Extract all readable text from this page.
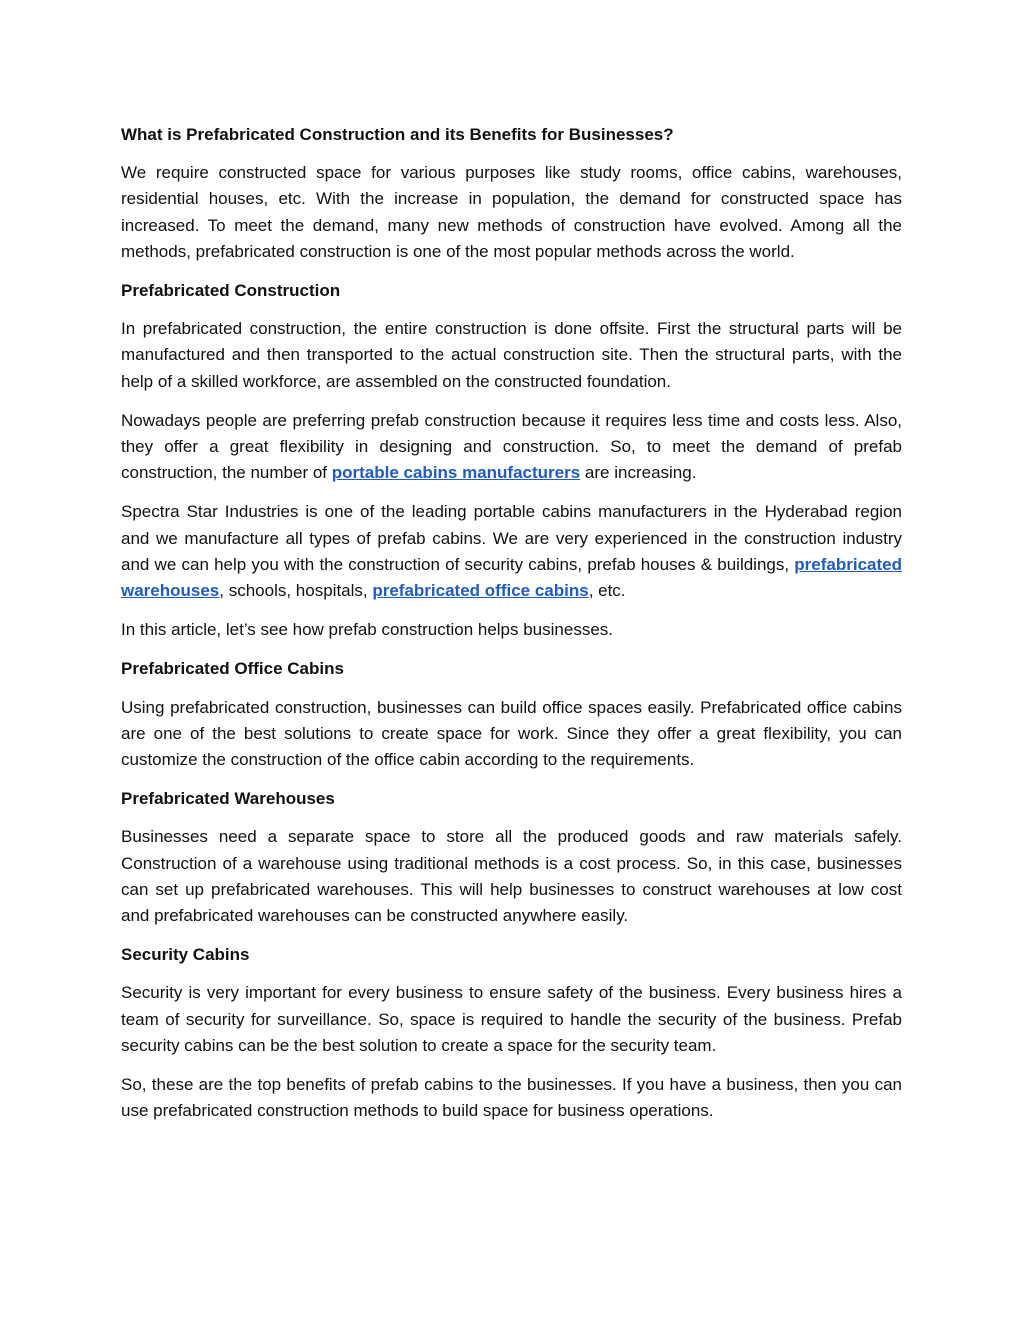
What is Prefabricated Construction and its Benefits for Businesses?

We require constructed space for various purposes like study rooms, office cabins, warehouses, residential houses, etc. With the increase in population, the demand for constructed space has increased. To meet the demand, many new methods of construction have evolved. Among all the methods, prefabricated construction is one of the most popular methods across the world.

Prefabricated Construction

In prefabricated construction, the entire construction is done offsite. First the structural parts will be manufactured and then transported to the actual construction site. Then the structural parts, with the help of a skilled workforce, are assembled on the constructed foundation.

Nowadays people are preferring prefab construction because it requires less time and costs less. Also, they offer a great flexibility in designing and construction. So, to meet the demand of prefab construction, the number of portable cabins manufacturers are increasing.

Spectra Star Industries is one of the leading portable cabins manufacturers in the Hyderabad region and we manufacture all types of prefab cabins. We are very experienced in the construction industry and we can help you with the construction of security cabins, prefab houses & buildings, prefabricated warehouses, schools, hospitals, prefabricated office cabins, etc.

In this article, let’s see how prefab construction helps businesses.

Prefabricated Office Cabins

Using prefabricated construction, businesses can build office spaces easily. Prefabricated office cabins are one of the best solutions to create space for work. Since they offer a great flexibility, you can customize the construction of the office cabin according to the requirements.

Prefabricated Warehouses

Businesses need a separate space to store all the produced goods and raw materials safely. Construction of a warehouse using traditional methods is a cost process. So, in this case, businesses can set up prefabricated warehouses. This will help businesses to construct warehouses at low cost and prefabricated warehouses can be constructed anywhere easily.

Security Cabins

Security is very important for every business to ensure safety of the business. Every business hires a team of security for surveillance. So, space is required to handle the security of the business. Prefab security cabins can be the best solution to create a space for the security team.

So, these are the top benefits of prefab cabins to the businesses. If you have a business, then you can use prefabricated construction methods to build space for business operations.
